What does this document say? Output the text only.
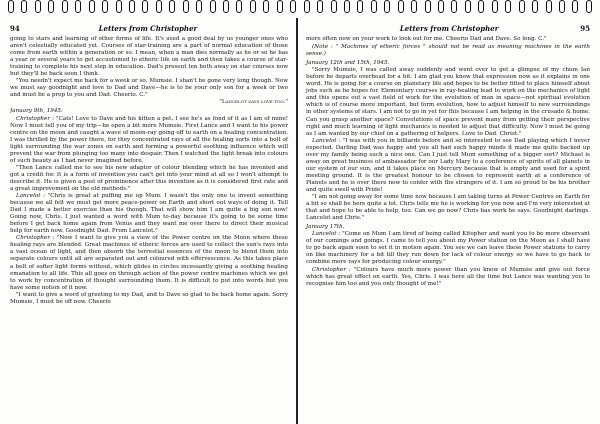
94	Letters from Christopher

going to stars and learning of other forms of life. It's used a good deal by us younger ones who aren't celestially educated yet. Courses of star-training are a part of normal education of those come from earth within a generation or so. I mean, when a man dies normally as he or so he has a year or several years to get accustomed to etheric life on earth and then takes a course of star-training to complete his next step in education. Dad's present ten both away on star courses now but they'll be back soon I think.

"You needn't expect me back for a week or so, Mumsie. I shan't be gone very long though. Now we must say goodnight and love to Dad and Dave—he is to be your only son for a week or two and must be a prop to you and Dad. Cheerio. C."

"Lancelot says love too."

January 9th, 1945.

Christopher : "Cats! Love to Dave and his kitten a pet. I see he's as fond of it as I am of mine! Now I must tell you of my trip—he open a bit more Mumsie. First Lance and I want to his power centre on the moon and caught a wave of moon-ray going off to earth on a healing concentration. I was thrilled by the power there, for they concentrated rays of all the healing sorts into a bolt of light surrounding the war zones on earth and forming a powerful soothing influence which will prevent the war from plunging too many into despair. Then I watched the light break into colours of such beauty as I had never imagined before.

"Then Lance called me to see his new adaptor of colour blending which he has invented and got a credit for. It is a form of invention you can't get into your mind at all so I won't attempt to describe it. He is given a post of prominence after this invention as it is considered first rate and a great improvement on the old methods."

Lancelot : "Chris is great at puffing me up Mum. I wasn't the only one to invent something because we all felt we must get more peace-power on Earth and short out ways of doing it. Tell Dad I made a better exercise than his though. That will show him I am quite a big son now! Going now, Chris. I just wanted a word with Mum to-day because it's going to be some time before I get back home again from Venus and they want me over there to direct their musical help for earth now. Goodnight Dad. From Lancelot."

Christopher : "Now I want to give you a view of the Power centre on the Moon where these healing rays are blended. Great machines of etheric forces are used to collect the sun's rays into a vast ocean of light, and then absorb the terrestial essences of the moon to blend them into separate colours until all are separated out and coloured with effervescence. As this takes place a belt of softer light forms without, which glides in circles incessantly giving a soothing healing emanation to all life. This all goes on through action of the power centre machines which we get to work by concentration of thought surrounding them. It is difficult to put into words but you have some notion of it now.

"I want to give a word of greeting to my Dad, and to Dave so glad to be back home again. Sorry Mumsie, I must be off now. Cheerio

Letters from Christopher	95

more often now on your work to look out for me. Cheerio Dad and Dave. So long. C."

(Note : " Machines of etheric forces " should not be read as meaning machines in the earth sense.)
January 12th and 15th, 1945.

"Sorry Mumsie, I was called away suddenly and went over to get a glimpse of my chum Ian before he departs overhead for a bit. I am glad you know that expression now as it explains in one word. He is going for a course on planetary life and hopes to be better fitted to place himself about jobs such as he hopes for. Elementary courses in ray-healing lead to work on the mechanics of light and this opens out a vast field of work for the evolution of man in space—not spiritual evolution which is of course more important, but form evolution, how to adjust himself to new surroundings in other systems of stars. I am not to go in yet for this because I am helping in the crusade & home. Can you grasp another space? Convolutions of space prevent many from getting their perspective right and much learning of light mechanics is needed to adjust that difficulty. Now I must be going as I am wanted by our chief on a gathering of helpers. Love to Dad. Christ."

Lancelot : "I was with you in billiards before and so interested to see Dad playing which I never expected. Darling Dad was happy and you all had such happy minds it made me quite backed up over my family being such a nice one. Can I just tell Mum something of a bigger sort? Michael is away on great business of ambassador for our Lady Mary to a conference of spirits of all planets in our system of our sun, and it takes place on Mercury because that is empty and used for a spirit meeting ground. It is the greatest honour to be chosen to represent earth at a conference of Planets and he is over there now to confer with the strangers of it. I am so proud to be his brother and quite swell with Pride!

"I am not going away for some time now because I am taking turns at Power Centres on Earth for a bit so shall be here quite a lot. Chris tells me he is working for you now and I'm very interested at that and hope to be able to help, too. Can we go now? Chris has work he says. Goodnight darlings. Lancelot and Chris."

January 17th.

Lancelot : "Come on Mum I am tired of being called Kitopher and want you to be more observant of our comings and goings. I came to tell you about my Power station on the Moon as I shall have to go back again soon to set it in motion again. You see we can leave these Power stations to carry on like machinery for a bit till they run down for lack of colour energy so we have to go back to combine more rays for producing colour energy."

Christopher : "Colours have much more power than you know of Mumsie and give out force which has great effect on earth. Yes, Chris. I was here all the time but Lance was wanting you to recognise him too and you only thought of me!"
